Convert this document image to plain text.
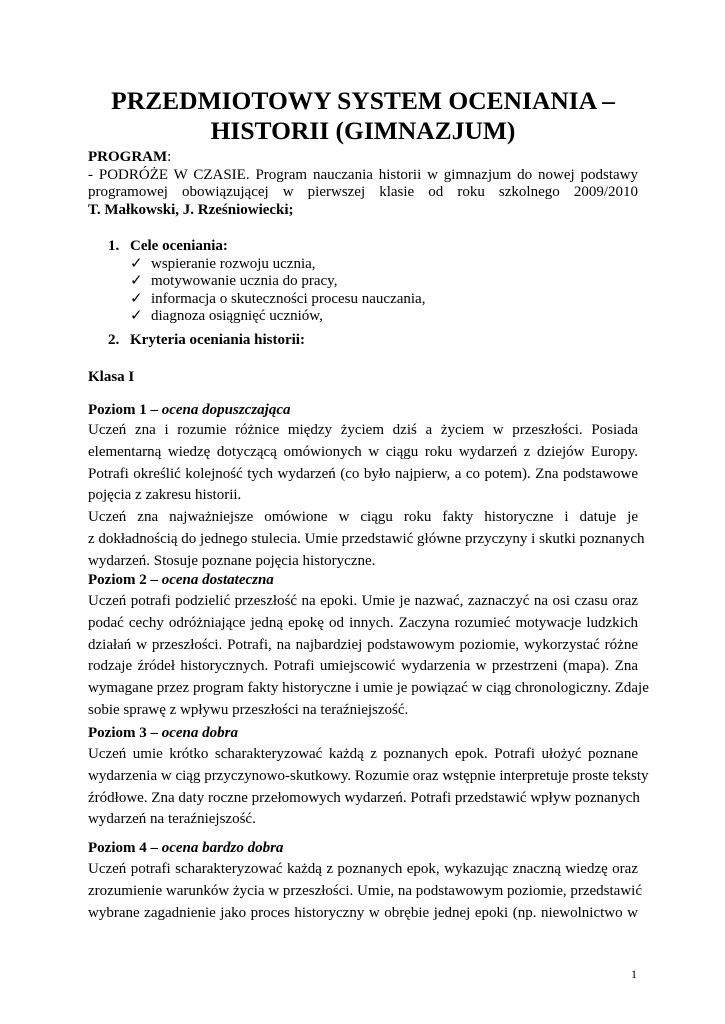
PRZEDMIOTOWY SYSTEM OCENIANIA –
HISTORII (GIMNAZJUM)
PROGRAM:
- PODRÓŻE W CZASIE. Program nauczania historii w gimnazjum do nowej podstawy
programowej obowiązującej w pierwszej klasie od roku szkolnego 2009/2010
T. Małkowski, J. Rześniowiecki;
1. Cele oceniania:
✓ wspieranie rozwoju ucznia,
✓ motywowanie ucznia do pracy,
✓ informacja o skuteczności procesu nauczania,
✓ diagnoza osiągnięć uczniów,
2. Kryteria oceniania historii:
Klasa I
Poziom 1 – ocena dopuszczająca
Uczeń zna i rozumie różnice między życiem dziś a życiem w przeszłości. Posiada
elementarną wiedzę dotyczącą omówionych w ciągu roku wydarzeń z dziejów Europy.
Potrafi określić kolejność tych wydarzeń (co było najpierw, a co potem). Zna podstawowe
pojęcia z zakresu historii.
Uczeń zna najważniejsze omówione w ciągu roku fakty historyczne i datuje je
z dokładnością do jednego stulecia. Umie przedstawić główne przyczyny i skutki poznanych
wydarzeń. Stosuje poznane pojęcia historyczne.
Poziom 2 – ocena dostateczna
Uczeń potrafi podzielić przeszłość na epoki. Umie je nazwać, zaznaczyć na osi czasu oraz
podać cechy odróżniające jedną epokę od innych. Zaczyna rozumieć motywacje ludzkich
działań w przeszłości. Potrafi, na najbardziej podstawowym poziomie, wykorzystać różne
rodzaje źródeł historycznych. Potrafi umiejscowić wydarzenia w przestrzeni (mapa). Zna
wymagane przez program fakty historyczne i umie je powiązać w ciąg chronologiczny. Zdaje
sobie sprawę z wpływu przeszłości na teraźniejszość.
Poziom 3 – ocena dobra
Uczeń umie krótko scharakteryzować każdą z poznanych epok. Potrafi ułożyć poznane
wydarzenia w ciąg przyczynowo-skutkowy. Rozumie oraz wstępnie interpretuje proste teksty
źródłowe. Zna daty roczne przełomowych wydarzeń. Potrafi przedstawić wpływ poznanych
wydarzeń na teraźniejszość.
Poziom 4 – ocena bardzo dobra
Uczeń potrafi scharakteryzować każdą z poznanych epok, wykazując znaczną wiedzę oraz
zrozumienie warunków życia w przeszłości. Umie, na podstawowym poziomie, przedstawić
wybrane zagadnienie jako proces historyczny w obrębie jednej epoki (np. niewolnictwo w
1
